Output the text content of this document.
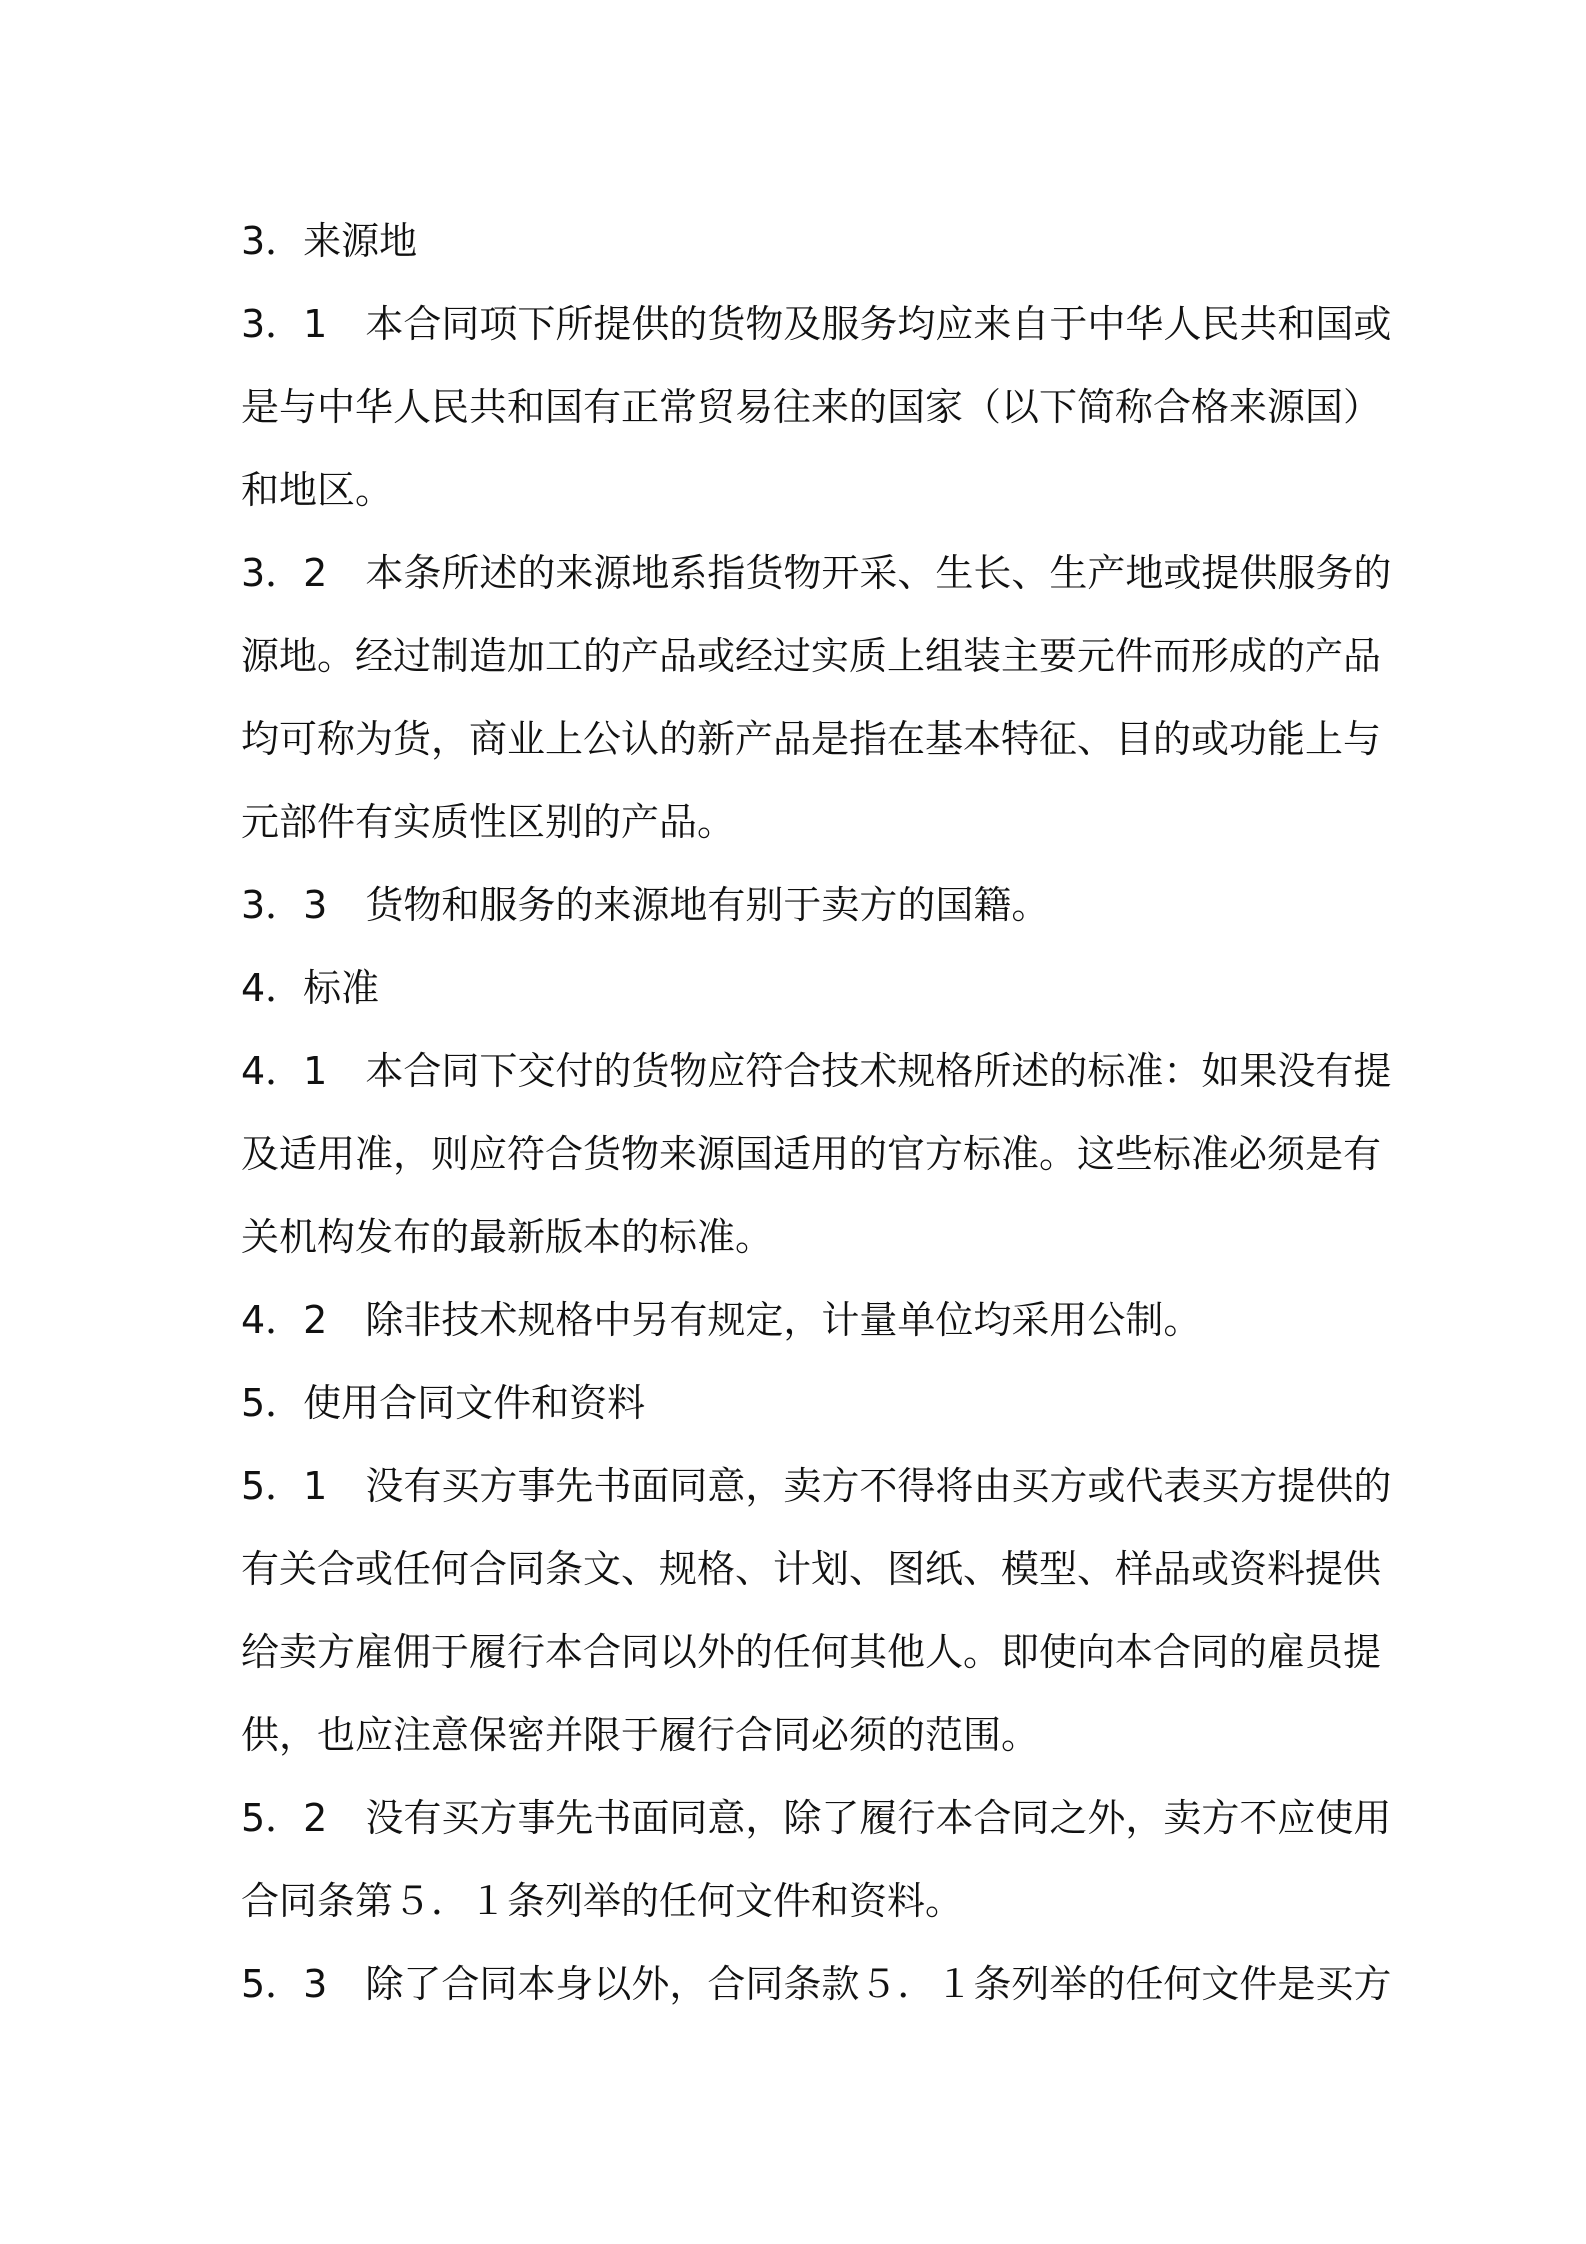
3．来源地
3．1　本合同项下所提供的货物及服务均应来自于中华人民共和国或
是与中华人民共和国有正常贸易往来的国家（以下简称合格来源国）
和地区。
3．2　本条所述的来源地系指货物开采、生长、生产地或提供服务的
源地。经过制造加工的产品或经过实质上组装主要元件而形成的产品
均可称为货，商业上公认的新产品是指在基本特征、目的或功能上与
元部件有实质性区别的产品。
3．3　货物和服务的来源地有别于卖方的国籍。
4．标准
4．1　本合同下交付的货物应符合技术规格所述的标准：如果没有提
及适用准，则应符合货物来源国适用的官方标准。这些标准必须是有
关机构发布的最新版本的标准。
4．2　除非技术规格中另有规定，计量单位均采用公制。
5．使用合同文件和资料
5．1　没有买方事先书面同意，卖方不得将由买方或代表买方提供的
有关合或任何合同条文、规格、计划、图纸、模型、样品或资料提供
给卖方雇佣于履行本合同以外的任何其他人。即使向本合同的雇员提
供，也应注意保密并限于履行合同必须的范围。
5．2　没有买方事先书面同意，除了履行本合同之外，卖方不应使用
合同条第５．１条列举的任何文件和资料。
5．3　除了合同本身以外，合同条款５．１条列举的任何文件是买方
